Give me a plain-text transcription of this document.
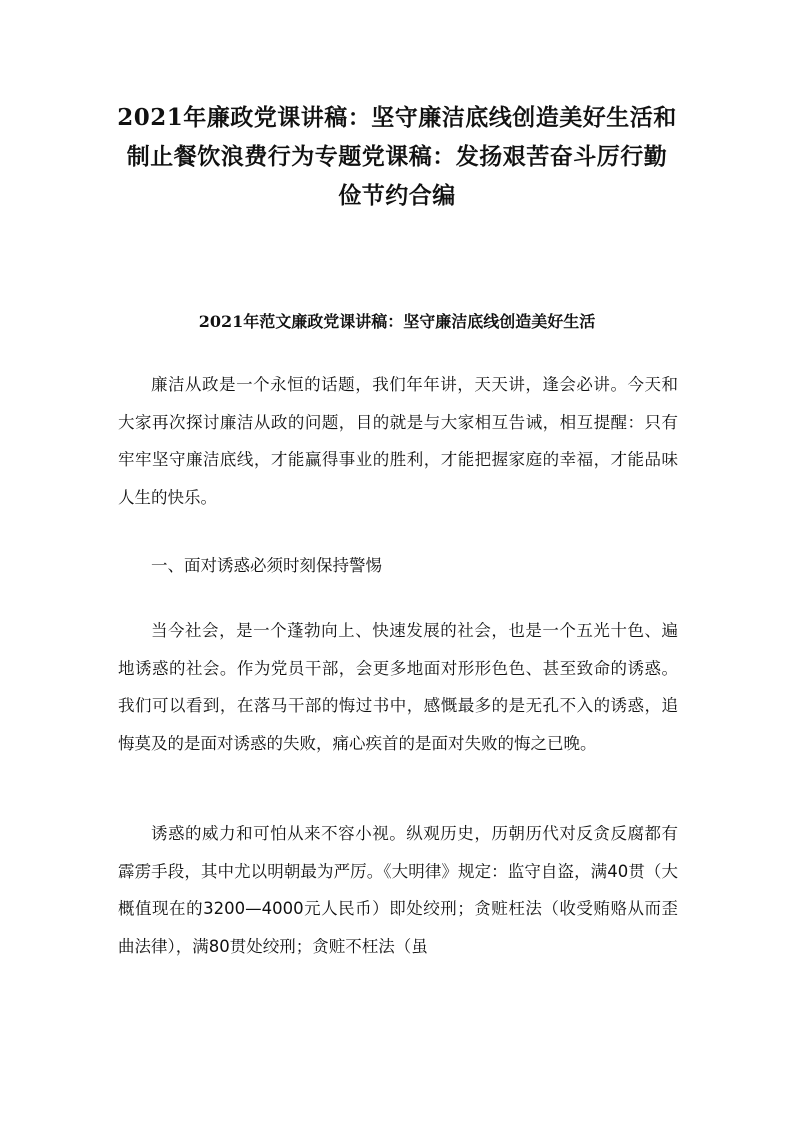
2021年廉政党课讲稿：坚守廉洁底线创造美好生活和
制止餐饮浪费行为专题党课稿：发扬艰苦奋斗厉行勤
俭节约合编
2021年范文廉政党课讲稿：坚守廉洁底线创造美好生活

廉洁从政是一个永恒的话题，我们年年讲，天天讲，逢会必讲。今天和大家再次探讨廉洁从政的问题，目的就是与大家相互告诫，相互提醒：只有牢牢坚守廉洁底线，才能赢得事业的胜利，才能把握家庭的幸福，才能品味人生的快乐。

一、面对诱惑必须时刻保持警惕

当今社会，是一个蓬勃向上、快速发展的社会，也是一个五光十色、遍地诱惑的社会。作为党员干部，会更多地面对形形色色、甚至致命的诱惑。我们可以看到，在落马干部的悔过书中，感慨最多的是无孔不入的诱惑，追悔莫及的是面对诱惑的失败，痛心疾首的是面对失败的悔之已晚。

诱惑的威力和可怕从来不容小视。纵观历史，历朝历代对反贪反腐都有霹雳手段，其中尤以明朝最为严厉。《大明律》规定：监守自盗，满40贯（大概值现在的3200—4000元人民币）即处绞刑；贪赃枉法（收受贿赂从而歪曲法律），满80贯处绞刑；贪赃不枉法（虽
